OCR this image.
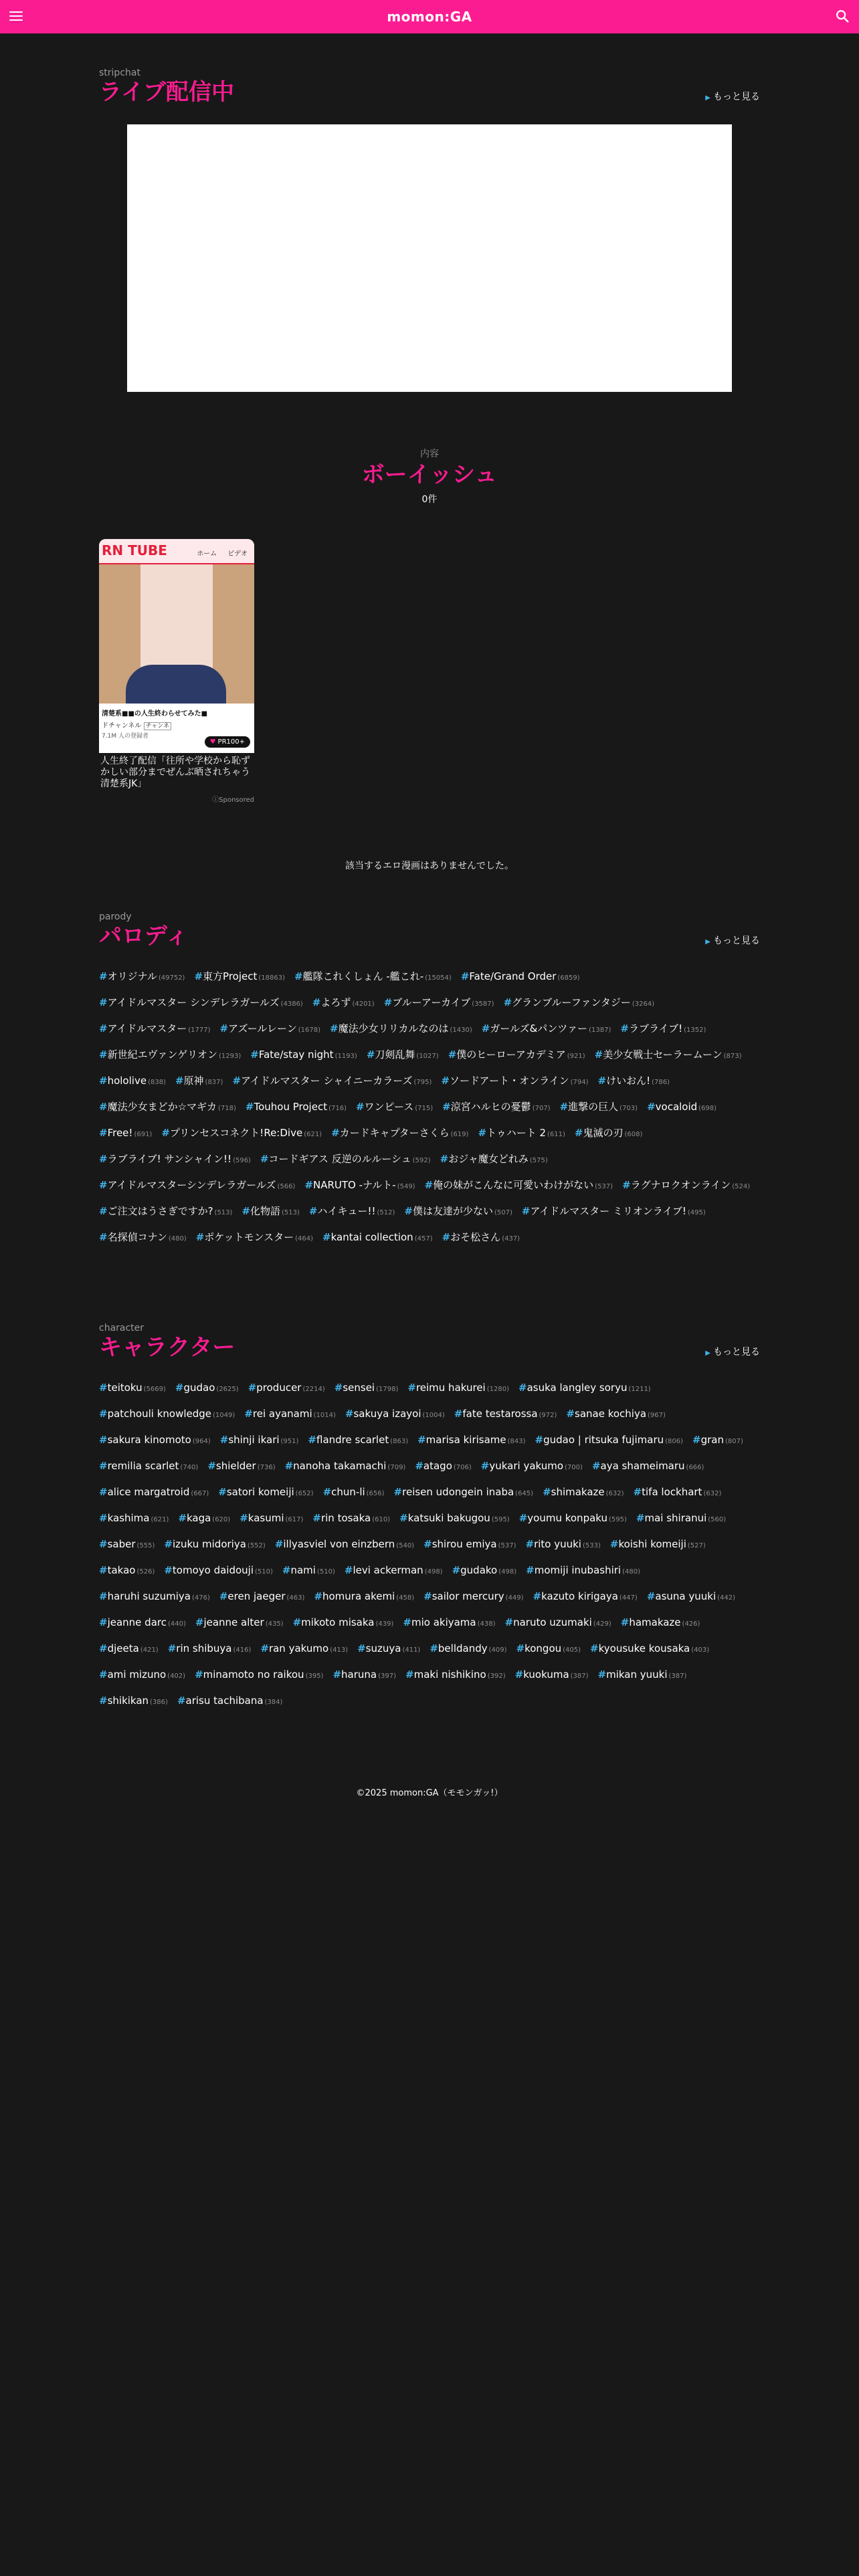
momon:GA
stripchat
ライブ配信中	▶ もっと見る
内容
ボーイッシュ
0件
RN TUBE	ホーム ビデオ
清楚系■■の人生終わらせてみた■
ドチャンネル チャンネ
7.1M 人の登録者
♥ PR100+
人生終了配信「往所や学校から恥ず
かしい部分までぜんぶ晒されちゃう
清楚系JK」
ⓘSponsored
該当するエロ漫画はありませんでした。
parody
パロディ	▶ もっと見る
#オリジナル (49752) #東方Project (18863) #艦隊これくしょん -艦これ- (15054) #Fate/Grand Order (6859)#アイドルマスター シンデレラガールズ (4386) #よろず (4201) #ブルーアーカイブ (3587) #グランブルーファンタジー (3264)#アイドルマスター (1777) #アズールレーン (1678) #魔法少女リリカルなのは (1430) #ガールズ&パンツァー (1387) #ラブライブ! (1352)#新世紀エヴァンゲリオン (1293) #Fate/stay night (1193) #刀剣乱舞 (1027) #僕のヒーローアカデミア (921) #美少女戦士セーラームーン (873)#hololive (838) #原神 (837) #アイドルマスター シャイニーカラーズ (795) #ソードアート・オンライン (794) #けいおん! (786)#魔法少女まどか☆マギカ (718) #Touhou Project (716) #ワンピース (715) #涼宮ハルヒの憂鬱 (707) #進撃の巨人 (703) #vocaloid (698)#Free! (691) #プリンセスコネクト!Re:Dive (621) #カードキャプターさくら (619) #トゥハート 2 (611) #鬼滅の刃 (608)#ラブライブ! サンシャイン!! (596) #コードギアス 反逆のルルーシュ (592) #おジャ魔女どれみ (575)#アイドルマスターシンデレラガールズ (566) #NARUTO -ナルト- (549) #俺の妹がこんなに可愛いわけがない (537) #ラグナロクオンライン (524)#ご注文はうさぎですか? (513) #化物語 (513) #ハイキュー!! (512) #僕は友達が少ない (507) #アイドルマスター ミリオンライブ! (495)#名探偵コナン (480) #ポケットモンスター (464) #kantai collection (457) #おそ松さん (437)
character
キャラクター	▶ もっと見る
#teitoku (5669) #gudao (2625) #producer (2214) #sensei (1798) #reimu hakurei (1280) #asuka langley soryu (1211)#patchouli knowledge (1049) #rei ayanami (1014) #sakuya izayoi (1004) #fate testarossa (972) #sanae kochiya (967)#sakura kinomoto (964) #shinji ikari (951) #flandre scarlet (863) #marisa kirisame (843) #gudao | ritsuka fujimaru (806) #gran (807)#remilia scarlet (740) #shielder (736) #nanoha takamachi (709) #atago (706) #yukari yakumo (700) #aya shameimaru (666)#alice margatroid (667) #satori komeiji (652) #chun-li (656) #reisen udongein inaba (645) #shimakaze (632) #tifa lockhart (632)#kashima (621) #kaga (620) #kasumi (617) #rin tosaka (610) #katsuki bakugou (595) #youmu konpaku (595) #mai shiranui (560)#saber (555) #izuku midoriya (552) #illyasviel von einzbern (540) #shirou emiya (537) #rito yuuki (533) #koishi komeiji (527)#takao (526) #tomoyo daidouji (510) #nami (510) #levi ackerman (498) #gudako (498) #momiji inubashiri (480)#haruhi suzumiya (476) #eren jaeger (463) #homura akemi (458) #sailor mercury (449) #kazuto kirigaya (447) #asuna yuuki (442)#jeanne darc (440) #jeanne alter (435) #mikoto misaka (439) #mio akiyama (438) #naruto uzumaki (429) #hamakaze (426)#djeeta (421) #rin shibuya (416) #ran yakumo (413) #suzuya (411) #belldandy (409) #kongou (405) #kyousuke kousaka (403)#ami mizuno (402) #minamoto no raikou (395) #haruna (397) #maki nishikino (392) #kuokuma (387) #mikan yuuki (387)#shikikan (386) #arisu tachibana (384)
©2025 momon:GA（モモンガッ!）
